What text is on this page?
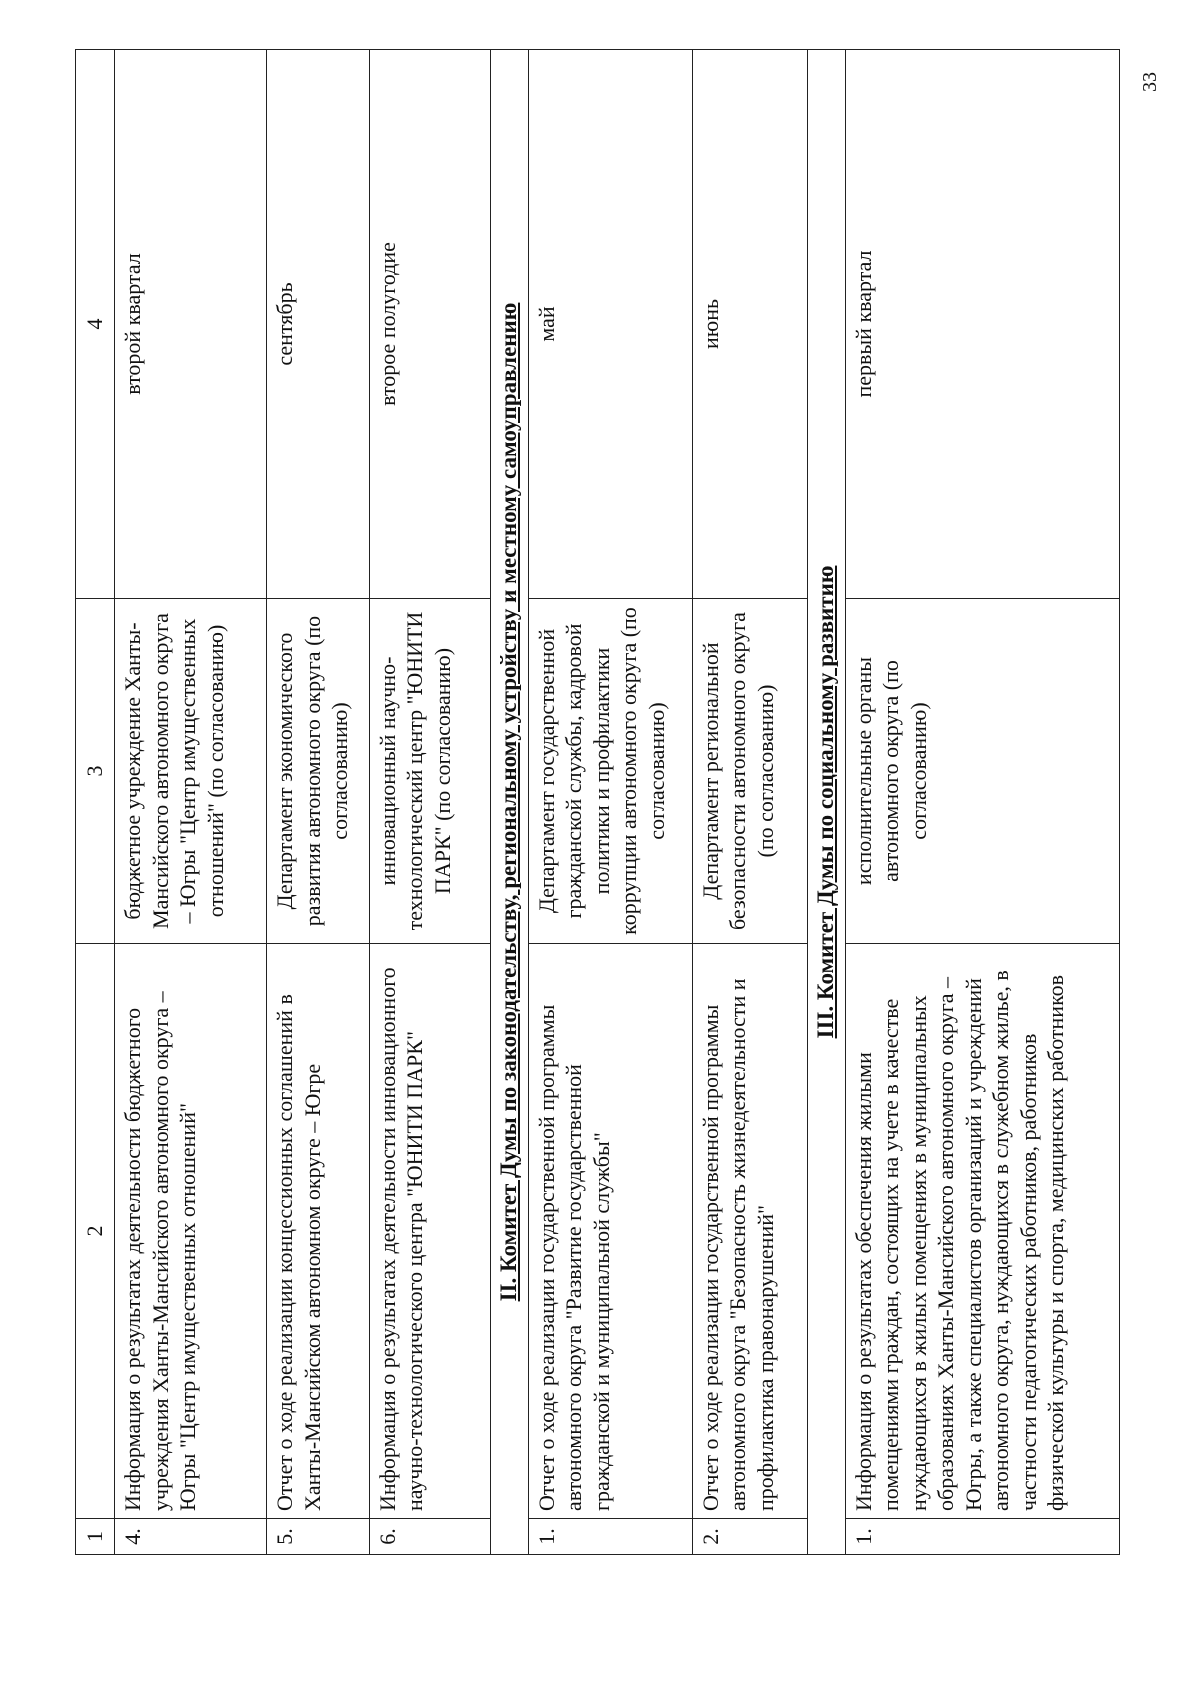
33
1	2	3	4
4.	Информация о результатах деятельности бюджетного учреждения Ханты-Мансийского автономного округа – Югры "Центр имущественных отношений"	бюджетное учреждение Ханты-Мансийского автономного округа – Югры "Центр имущественных отношений" (по согласованию)	второй квартал
5.	Отчет о ходе реализации концессионных соглашений в Ханты-Мансийском автономном округе – Югре	Департамент экономического развития автономного округа (по согласованию)	сентябрь
6.	Информация о результатах деятельности инновационного научно-технологического центра "ЮНИТИ ПАРК"	инновационный научно-технологический центр "ЮНИТИ ПАРК" (по согласованию)	второе полугодие
II. Комитет Думы по законодательству, региональному устройству и местному самоуправлению			
1.	Отчет о ходе реализации государственной программы автономного округа "Развитие государственной гражданской и муниципальной службы"	Департамент государственной гражданской службы, кадровой политики и профилактики коррупции автономного округа (по согласованию)	май
2.	Отчет о ходе реализации государственной программы автономного округа "Безопасность жизнедеятельности и профилактика правонарушений"	Департамент региональной безопасности автономного округа (по согласованию)	июнь
III. Комитет Думы по социальному развитию			
1.	Информация о результатах обеспечения жилыми помещениями граждан, состоящих на учете в качестве нуждающихся в жилых помещениях в муниципальных образованиях Ханты-Мансийского автономного округа – Югры, а также специалистов организаций и учреждений автономного округа, нуждающихся в служебном жилье, в частности педагогических работников, работников физической культуры и спорта, медицинских работников	исполнительные органы автономного округа (по согласованию)	первый квартал
